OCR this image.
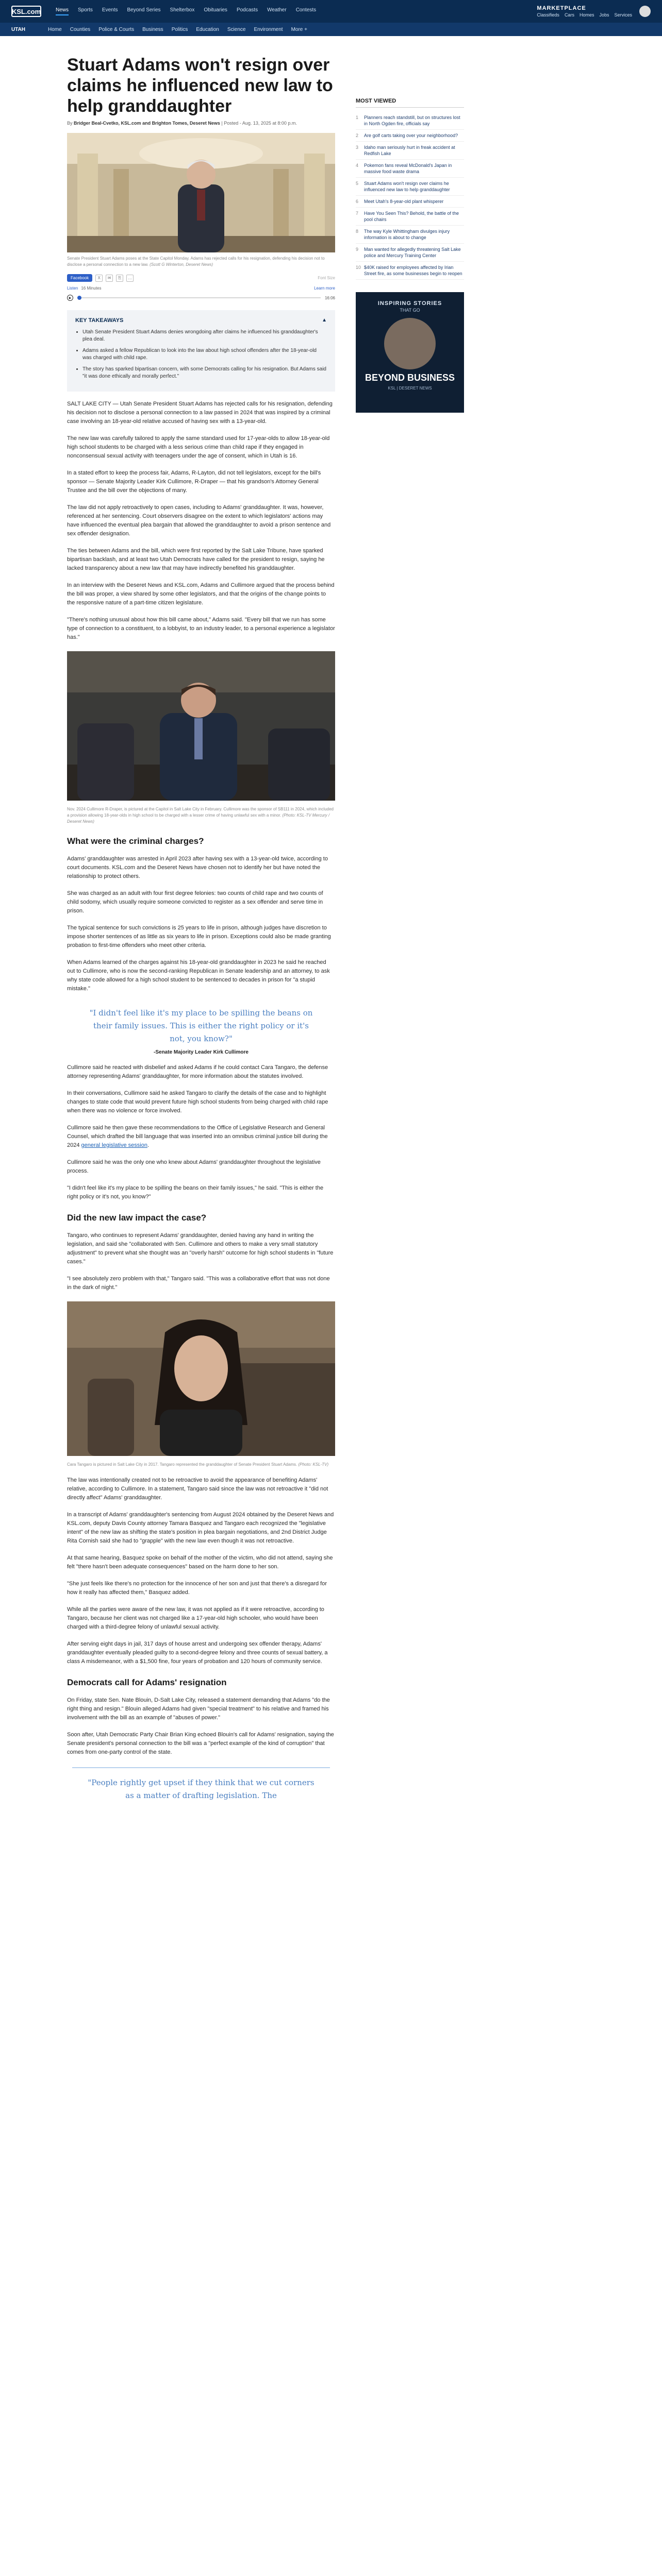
KSL.com	News Sports Events Beyond Series Shelterbox Obituaries Podcasts Weather Contests	MARKETPLACE
Classifieds Cars Homes Jobs Services
UTAH	Home Counties Police & Courts Business Politics Education Science Environment More +
Stuart Adams won't resign over claims he influenced new law to help granddaughter
By Bridger Beal-Cvetko, KSL.com and Brighton Tomes, Deseret News | Posted - Aug. 13, 2025 at 8:00 p.m.
Senate President Stuart Adams poses at the State Capitol Monday. Adams has rejected calls for his resignation, defending his decision not to disclose a personal connection to a new law. (Scott G Winterton, Deseret News)
Facebook	X	✉	⎘	…	Font Size
Listen 16 Minutes	Learn more
▶	16:06
KEY TAKEAWAYS	▲
• Utah Senate President Stuart Adams denies wrongdoing after claims he influenced his granddaughter's plea deal.
• Adams asked a fellow Republican to look into the law about high school offenders after the 18-year-old was charged with child rape.
• The story has sparked bipartisan concern, with some Democrats calling for his resignation. But Adams said "it was done ethically and morally perfect."

SALT LAKE CITY — Utah Senate President Stuart Adams has rejected calls for his resignation, defending his decision not to disclose a personal connection to a law passed in 2024 that was inspired by a criminal case involving an 18-year-old relative accused of having sex with a 13-year-old.

The new law was carefully tailored to apply the same standard used for 17-year-olds to allow 18-year-old high school students to be charged with a less serious crime than child rape if they engaged in nonconsensual sexual activity with teenagers under the age of consent, which in Utah is 16.

In a stated effort to keep the process fair, Adams, R-Layton, did not tell legislators, except for the bill's sponsor — Senate Majority Leader Kirk Cullimore, R-Draper — that his grandson's Attorney General Trustee and the bill over the objections of many.

The law did not apply retroactively to open cases, including to Adams' granddaughter. It was, however, referenced at her sentencing. Court observers disagree on the extent to which legislators' actions may have influenced the eventual plea bargain that allowed the granddaughter to avoid a prison sentence and sex offender designation.

The ties between Adams and the bill, which were first reported by the Salt Lake Tribune, have sparked bipartisan backlash, and at least two Utah Democrats have called for the president to resign, saying he lacked transparency about a new law that may have indirectly benefited his granddaughter.

In an interview with the Deseret News and KSL.com, Adams and Cullimore argued that the process behind the bill was proper, a view shared by some other legislators, and that the origins of the change points to the responsive nature of a part-time citizen legislature.

"There's nothing unusual about how this bill came about," Adams said. "Every bill that we run has some type of connection to a constituent, to a lobbyist, to an industry leader, to a personal experience a legislator has."

Nov. 2024 Cullimore R-Draper, is pictured at the Capitol in Salt Lake City in February. Cullimore was the sponsor of SB111 in 2024, which included a provision allowing 18-year-olds in high school to be charged with a lesser crime of having unlawful sex with a minor. (Photo: KSL-TV Mercury / Deseret News)
What were the criminal charges?

Adams' granddaughter was arrested in April 2023 after having sex with a 13-year-old twice, according to court documents. KSL.com and the Deseret News have chosen not to identify her but have noted the relationship to protect others.

She was charged as an adult with four first degree felonies: two counts of child rape and two counts of child sodomy, which usually require someone convicted to register as a sex offender and serve time in prison.

The typical sentence for such convictions is 25 years to life in prison, although judges have discretion to impose shorter sentences of as little as six years to life in prison. Exceptions could also be made granting probation to first-time offenders who meet other criteria.

When Adams learned of the charges against his 18-year-old granddaughter in 2023 he said he reached out to Cullimore, who is now the second-ranking Republican in Senate leadership and an attorney, to ask why state code allowed for a high school student to be sentenced to decades in prison for "a stupid mistake."

"I didn't feel like it's my place to be spilling the beans on their family issues. This is either the right policy or it's not, you know?"
-Senate Majority Leader Kirk Cullimore

Cullimore said he reacted with disbelief and asked Adams if he could contact Cara Tangaro, the defense attorney representing Adams' granddaughter, for more information about the statutes involved.

In their conversations, Cullimore said he asked Tangaro to clarify the details of the case and to highlight changes to state code that would prevent future high school students from being charged with child rape when there was no violence or force involved.

Cullimore said he then gave these recommendations to the Office of Legislative Research and General Counsel, which drafted the bill language that was inserted into an omnibus criminal justice bill during the 2024 general legislative session.

Cullimore said he was the only one who knew about Adams' granddaughter throughout the legislative process.

"I didn't feel like it's my place to be spilling the beans on their family issues," he said. "This is either the right policy or it's not, you know?"

Did the new law impact the case?

Tangaro, who continues to represent Adams' granddaughter, denied having any hand in writing the legislation, and said she "collaborated with Sen. Cullimore and others to make a very small statutory adjustment" to prevent what she thought was an "overly harsh" outcome for high school students in "future cases."

"I see absolutely zero problem with that," Tangaro said. "This was a collaborative effort that was not done in the dark of night."

Cara Tangaro is pictured in Salt Lake City in 2017. Tangaro represented the granddaughter of Senate President Stuart Adams. (Photo: KSL-TV)

The law was intentionally created not to be retroactive to avoid the appearance of benefiting Adams' relative, according to Cullimore. In a statement, Tangaro said since the law was not retroactive it "did not directly affect" Adams' granddaughter.

In a transcript of Adams' granddaughter's sentencing from August 2024 obtained by the Deseret News and KSL.com, deputy Davis County attorney Tamara Basquez and Tangaro each recognized the "legislative intent" of the new law as shifting the state's position in plea bargain negotiations, and 2nd District Judge Rita Cornish said she had to "grapple" with the new law even though it was not retroactive.

At that same hearing, Basquez spoke on behalf of the mother of the victim, who did not attend, saying she felt "there hasn't been adequate consequences" based on the harm done to her son.

"She just feels like there's no protection for the innocence of her son and just that there's a disregard for how it really has affected them," Basquez added.

While all the parties were aware of the new law, it was not applied as if it were retroactive, according to Tangaro, because her client was not charged like a 17-year-old high schooler, who would have been charged with a third-degree felony of unlawful sexual activity.

After serving eight days in jail, 317 days of house arrest and undergoing sex offender therapy, Adams' granddaughter eventually pleaded guilty to a second-degree felony and three counts of sexual battery, a class A misdemeanor, with a $1,500 fine, four years of probation and 120 hours of community service.

Democrats call for Adams' resignation

On Friday, state Sen. Nate Blouin, D-Salt Lake City, released a statement demanding that Adams "do the right thing and resign." Blouin alleged Adams had given "special treatment" to his relative and framed his involvement with the bill as an example of "abuses of power."

Soon after, Utah Democratic Party Chair Brian King echoed Blouin's call for Adams' resignation, saying the Senate president's personal connection to the bill was a "perfect example of the kind of corruption" that comes from one-party control of the state.

"People rightly get upset if they think that we cut corners as a matter of drafting legislation. The
MOST VIEWED
1	Planners reach standstill, but on structures lost in North Ogden fire, officials say
2	Are golf carts taking over your neighborhood?
3	Idaho man seriously hurt in freak accident at Redfish Lake
4	Pokemon fans reveal McDonald's Japan in massive food waste drama
5	Stuart Adams won't resign over claims he influenced new law to help granddaughter
6	Meet Utah's 8-year-old plant whisperer
7	Have You Seen This? Behold, the battle of the pool chairs
8	The way Kyle Whittingham divulges injury information is about to change
9	Man wanted for allegedly threatening Salt Lake police and Mercury Training Center
10 $40K raised for employees affected by Irian Street fire, as some businesses begin to reopen
INSPIRING STORIES
THAT GO
BEYOND BUSINESS
KSL | DESERET NEWS
